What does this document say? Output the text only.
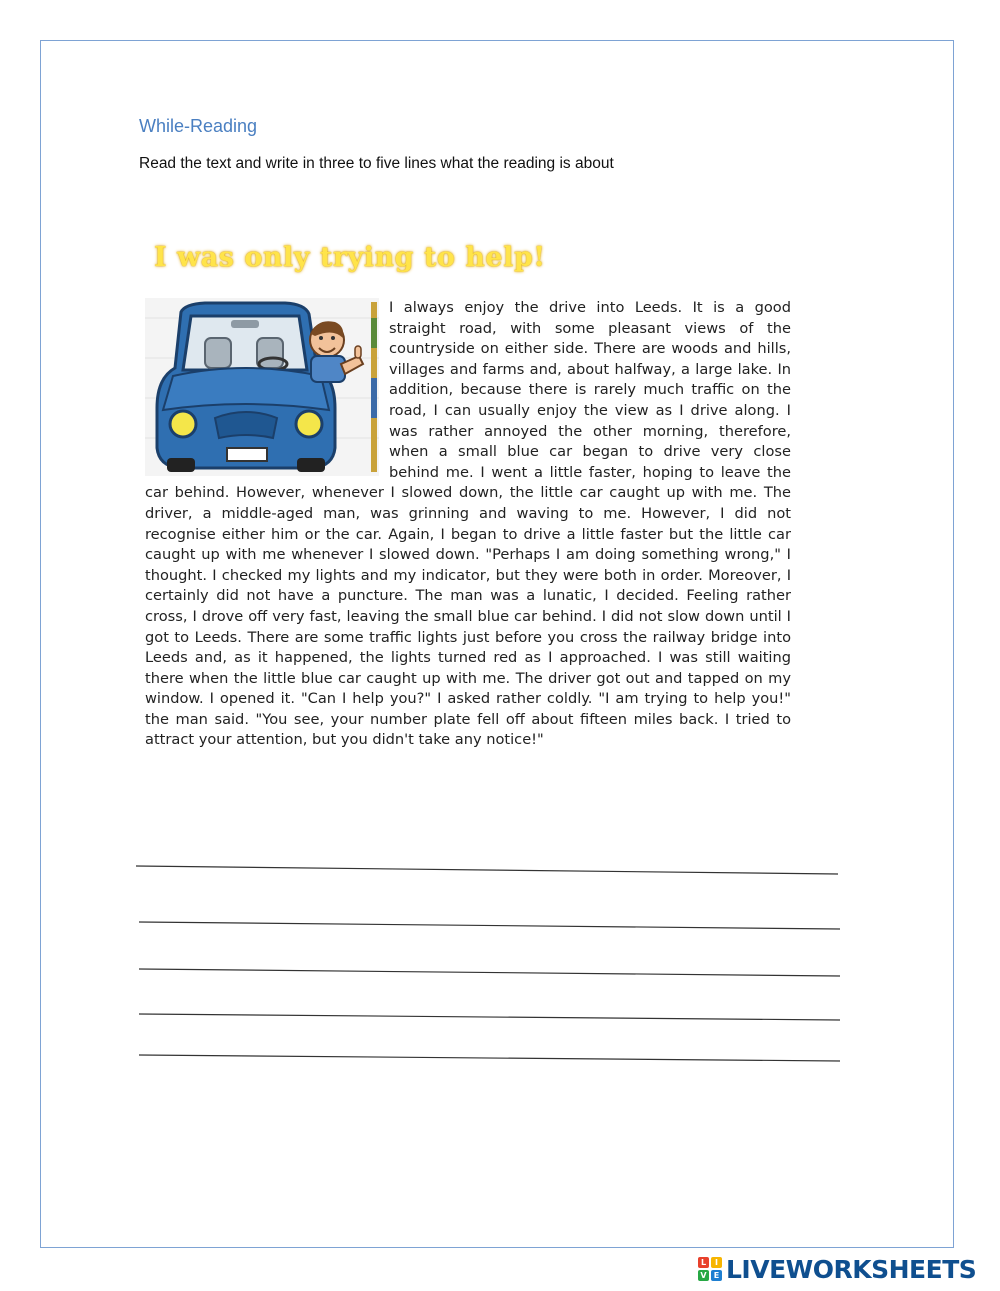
While-Reading
Read the text and write in three to five lines what the reading is about
I was only trying to help!

I always enjoy the drive into Leeds. It is a good straight road, with some pleasant views of the countryside on either side. There are woods and hills, villages and farms and, about halfway, a large lake. In addition, because there is rarely much traffic on the road, I can usually enjoy the view as I drive along. I was rather annoyed the other morning, therefore, when a small blue car began to drive very close behind me. I went a little faster, hoping to leave the car behind. However, whenever I slowed down, the little car caught up with me. The driver, a middle-aged man, was grinning and waving to me. However, I did not recognise either him or the car. Again, I began to drive a little faster but the little car caught up with me whenever I slowed down. "Perhaps I am doing something wrong," I thought. I checked my lights and my indicator, but they were both in order. Moreover, I certainly did not have a puncture. The man was a lunatic, I decided. Feeling rather cross, I drove off very fast, leaving the small blue car behind. I did not slow down until I got to Leeds. There are some traffic lights just before you cross the railway bridge into Leeds and, as it happened, the lights turned red as I approached. I was still waiting there when the little blue car caught up with me. The driver got out and tapped on my window. I opened it. "Can I help you?" I asked rather coldly. "I am trying to help you!" the man said. "You see, your number plate fell off about fifteen miles back. I tried to attract your attention, but you didn't take any notice!"

L	I
V E LIVEWORKSHEETS
